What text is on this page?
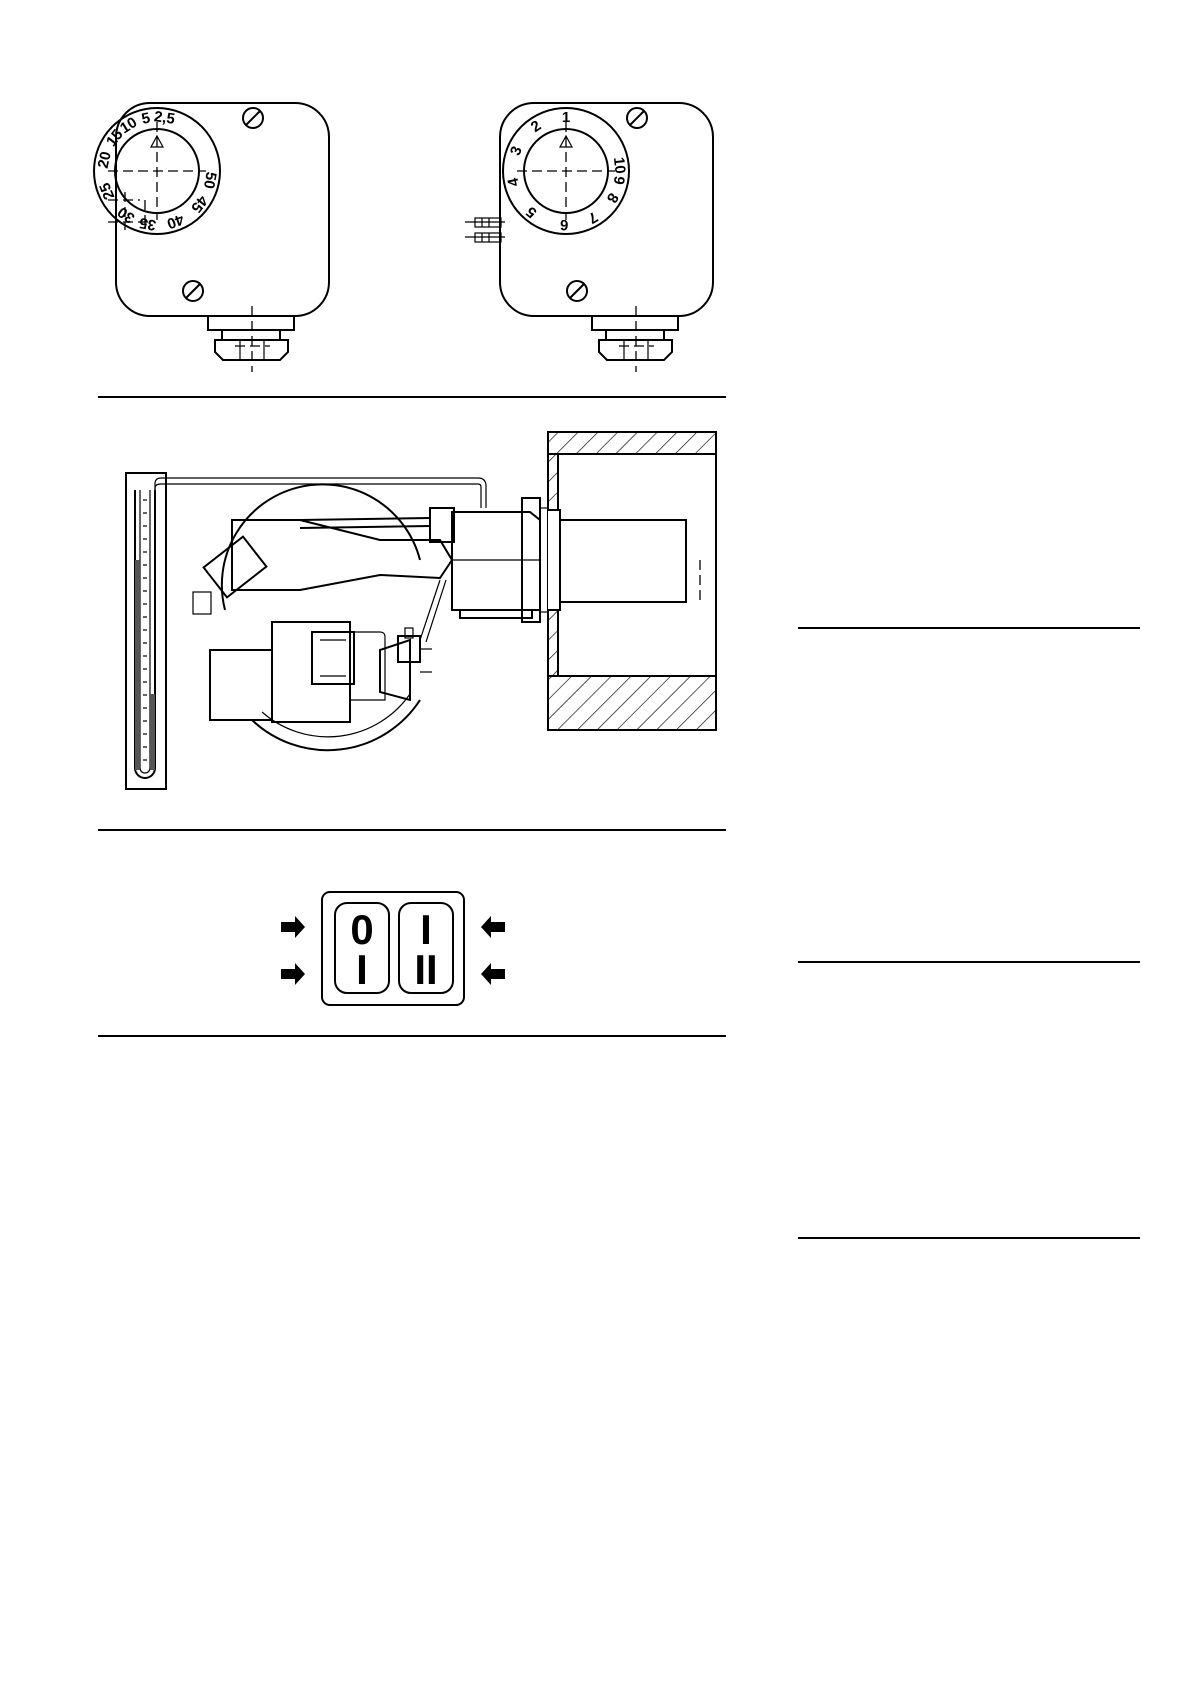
2,5
5
10
15
20
25
30 35 40
45
50
1
2
3
4
5
6 7
8
9
10
0
I
I
II
